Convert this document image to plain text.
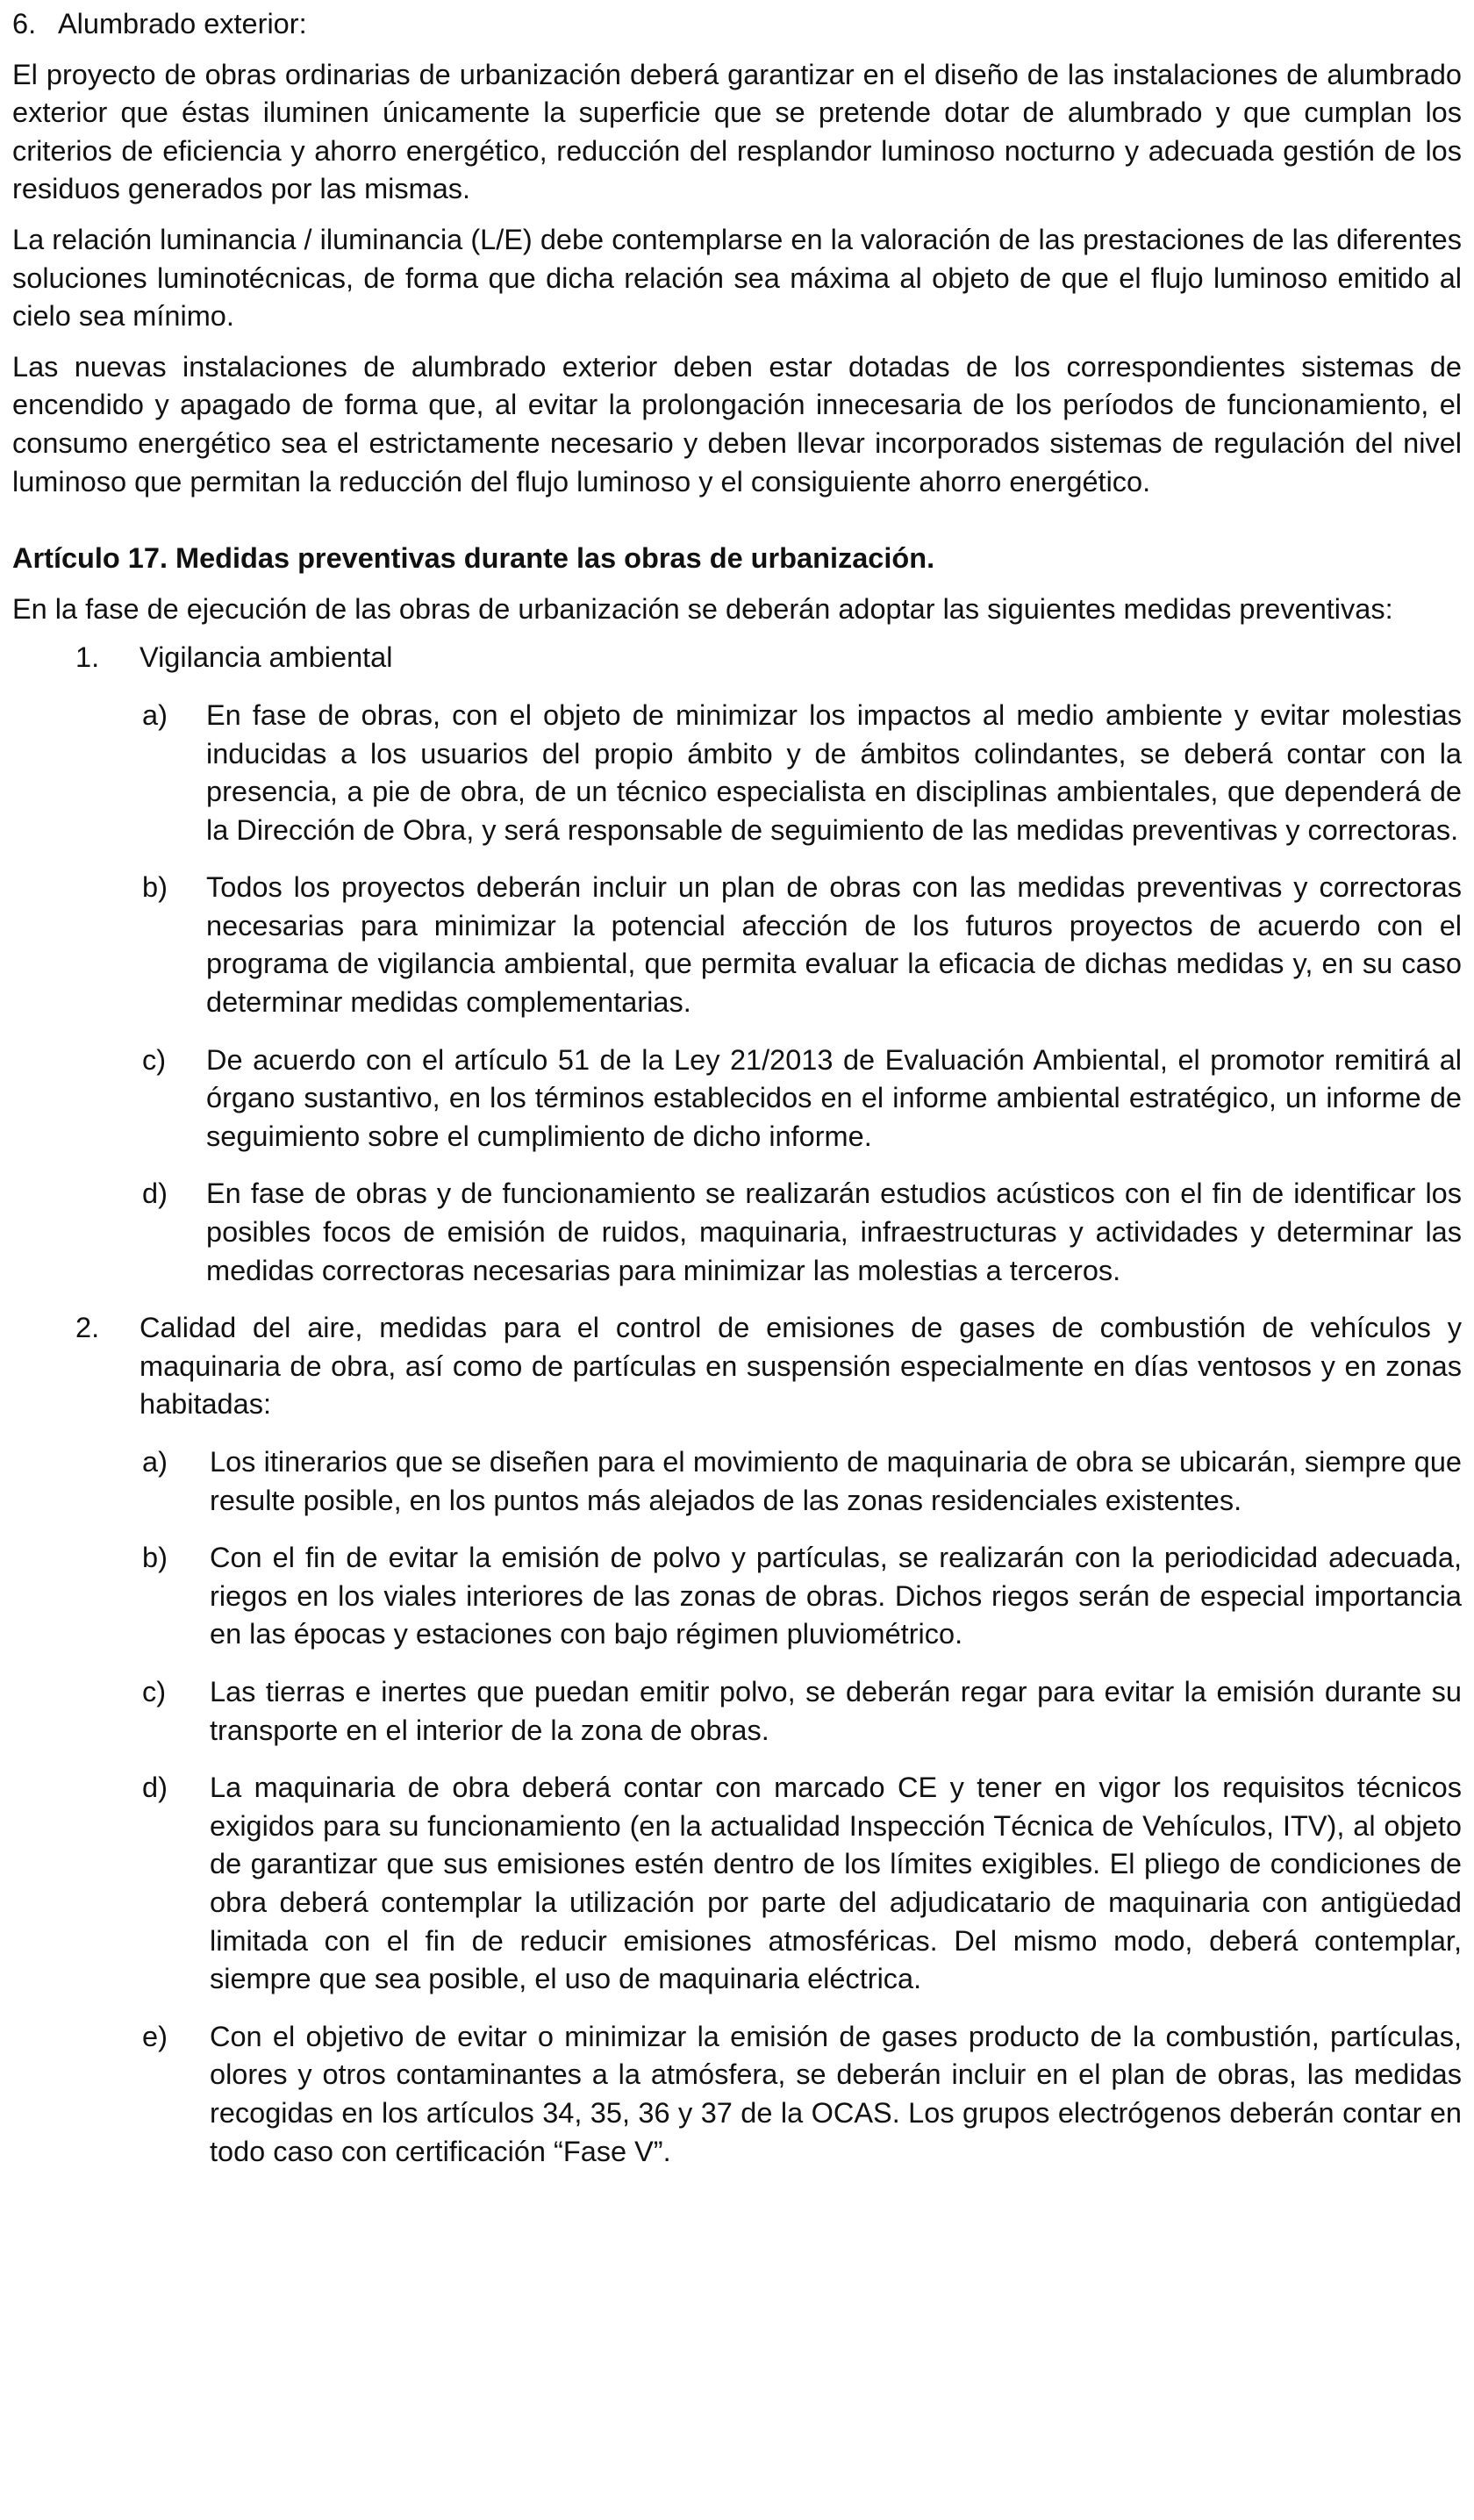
6. Alumbrado exterior:

El proyecto de obras ordinarias de urbanización deberá garantizar en el diseño de las instalaciones de alumbrado exterior que éstas iluminen únicamente la superficie que se pretende dotar de alumbrado y que cumplan los criterios de eficiencia y ahorro energético, reducción del resplandor luminoso nocturno y adecuada gestión de los residuos generados por las mismas.

La relación luminancia / iluminancia (L/E) debe contemplarse en la valoración de las prestaciones de las diferentes soluciones luminotécnicas, de forma que dicha relación sea máxima al objeto de que el flujo luminoso emitido al cielo sea mínimo.

Las nuevas instalaciones de alumbrado exterior deben estar dotadas de los correspondientes sistemas de encendido y apagado de forma que, al evitar la prolongación innecesaria de los períodos de funcionamiento, el consumo energético sea el estrictamente necesario y deben llevar incorporados sistemas de regulación del nivel luminoso que permitan la reducción del flujo luminoso y el consiguiente ahorro energético.

Artículo 17. Medidas preventivas durante las obras de urbanización.

En la fase de ejecución de las obras de urbanización se deberán adoptar las siguientes medidas preventivas:

1. Vigilancia ambiental

a) En fase de obras, con el objeto de minimizar los impactos al medio ambiente y evitar molestias inducidas a los usuarios del propio ámbito y de ámbitos colindantes, se deberá contar con la presencia, a pie de obra, de un técnico especialista en disciplinas ambientales, que dependerá de la Dirección de Obra, y será responsable de seguimiento de las medidas preventivas y correctoras.

b) Todos los proyectos deberán incluir un plan de obras con las medidas preventivas y correctoras necesarias para minimizar la potencial afección de los futuros proyectos de acuerdo con el programa de vigilancia ambiental, que permita evaluar la eficacia de dichas medidas y, en su caso determinar medidas complementarias.

c) De acuerdo con el artículo 51 de la Ley 21/2013 de Evaluación Ambiental, el promotor remitirá al órgano sustantivo, en los términos establecidos en el informe ambiental estratégico, un informe de seguimiento sobre el cumplimiento de dicho informe.

d) En fase de obras y de funcionamiento se realizarán estudios acústicos con el fin de identificar los posibles focos de emisión de ruidos, maquinaria, infraestructuras y actividades y determinar las medidas correctoras necesarias para minimizar las molestias a terceros.

2. Calidad del aire, medidas para el control de emisiones de gases de combustión de vehículos y maquinaria de obra, así como de partículas en suspensión especialmente en días ventosos y en zonas habitadas:

a) Los itinerarios que se diseñen para el movimiento de maquinaria de obra se ubicarán, siempre que resulte posible, en los puntos más alejados de las zonas residenciales existentes.

b) Con el fin de evitar la emisión de polvo y partículas, se realizarán con la periodicidad adecuada, riegos en los viales interiores de las zonas de obras. Dichos riegos serán de especial importancia en las épocas y estaciones con bajo régimen pluviométrico.

c) Las tierras e inertes que puedan emitir polvo, se deberán regar para evitar la emisión durante su transporte en el interior de la zona de obras.

d) La maquinaria de obra deberá contar con marcado CE y tener en vigor los requisitos técnicos exigidos para su funcionamiento (en la actualidad Inspección Técnica de Vehículos, ITV), al objeto de garantizar que sus emisiones estén dentro de los límites exigibles. El pliego de condiciones de obra deberá contemplar la utilización por parte del adjudicatario de maquinaria con antigüedad limitada con el fin de reducir emisiones atmosféricas. Del mismo modo, deberá contemplar, siempre que sea posible, el uso de maquinaria eléctrica.

e) Con el objetivo de evitar o minimizar la emisión de gases producto de la combustión, partículas, olores y otros contaminantes a la atmósfera, se deberán incluir en el plan de obras, las medidas recogidas en los artículos 34, 35, 36 y 37 de la OCAS. Los grupos electrógenos deberán contar en todo caso con certificación “Fase V”.
